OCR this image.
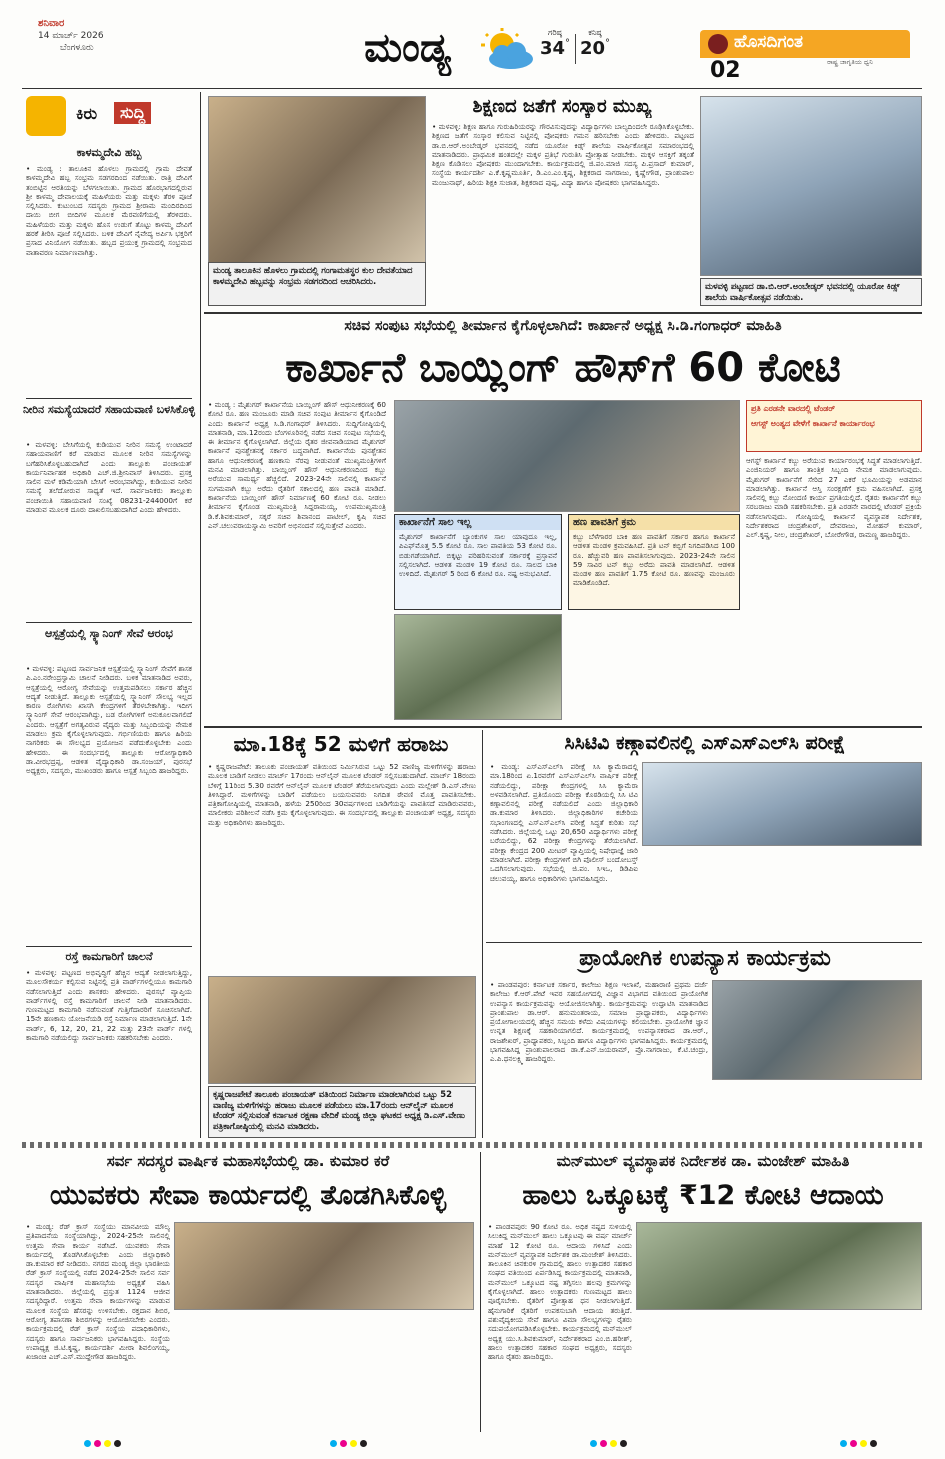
ಶನಿವಾರ
14 ಮಾರ್ಚ್ 2026
ಬೆಂಗಳೂರು	ಮಂಡ್ಯ	ಗರಿಷ್ಠ
34°
ಕನಿಷ್ಠ
20°	ಹೊಸದಿಗಂತ
ರಾಷ್ಟ್ರ ಜಾಗೃತಿಯ ಧ್ವನಿ
02
ಕಿರು	ಸುದ್ದಿ
ಕಾಳಮ್ಮದೇವಿ ಹಬ್ಬ
• ಮಂಡ್ಯ : ತಾಲೂಕಿನ ಹೊಳಲು ಗ್ರಾಮದಲ್ಲಿ ಗ್ರಾಮ ದೇವತೆ ಕಾಳಮ್ಮದೇವಿ ಹಬ್ಬ ಸಂಭ್ರಮ ಸಡಗರದಿಂದ ನಡೆಯಿತು. ರಾತ್ರಿ ದೇವಿಗೆ ತಂಬಿಟ್ಟಿನ ಆರತಿಯನ್ನು ಬೆಳಗಲಾಯಿತು. ಗ್ರಾಮದ ಹೊರಭಾಗದಲ್ಲಿರುವ ಶ್ರೀ ಕಾಳಮ್ಮ ದೇವಾಲಯಕ್ಕೆ ಮಹಿಳೆಯರು ಮತ್ತು ಮಕ್ಕಳು ತೆರಳಿ ಪೂಜೆ ಸಲ್ಲಿಸಿದರು. ಕುಟುಂಬದ ಸದಸ್ಯರು ಗ್ರಾಮದ ಶ್ರೀರಾಮ ಮಂದಿರದಿಂದ ದಾಯಿ ಬೀಗ ಬೀದಿಗಳ ಮೂಲಕ ಮೆರವಣಿಗೆಯಲ್ಲಿ ತೆರಳಿದರು. ಮಹಿಳೆಯರು ಮತ್ತು ಮಕ್ಕಳು ಹೊಸ ಉಡುಗೆ ತೊಟ್ಟು ಕಾಳಮ್ಮ ದೇವಿಗೆ ಹರಕೆ ತೀರಿಸಿ ಪೂಜೆ ಸಲ್ಲಿಸಿದರು. ಬಳಿಕ ದೇವಿಗೆ ನೈವೇದ್ಯ ಅರ್ಪಿಸಿ ಭಕ್ತರಿಗೆ ಪ್ರಸಾದ ವಿನಿಯೋಗ ನಡೆಯಿತು. ಹಬ್ಬದ ಪ್ರಯುಕ್ತ ಗ್ರಾಮದಲ್ಲಿ ಸಂಭ್ರಮದ ವಾತಾವರಣ ನಿರ್ಮಾಣವಾಗಿತ್ತು.
ನೀರಿನ ಸಮಸ್ಯೆಯಾದರೆ ಸಹಾಯವಾಣಿ ಬಳಸಿಕೊಳ್ಳಿ
• ಮಳವಳ್ಳಿ: ಬೇಸಿಗೆಯಲ್ಲಿ ಕುಡಿಯುವ ನೀರಿನ ಸಮಸ್ಯೆ ಉಂಟಾದರೆ ಸಹಾಯವಾಣಿಗೆ ಕರೆ ಮಾಡುವ ಮೂಲಕ ನೀರಿನ ಸಮಸ್ಯೆಗಳನ್ನು ಬಗೆಹರಿಸಿಕೊಳ್ಳಬಹುದಾಗಿದೆ ಎಂದು ತಾಲ್ಲೂಕು ಪಂಚಾಯತ್ ಕಾರ್ಯನಿರ್ವಾಹಕ ಅಧಿಕಾರಿ ಎಚ್.ಜಿ.ಶ್ರೀನಿವಾಸ್ ತಿಳಿಸಿದರು. ಪ್ರಸಕ್ತ ಸಾಲಿನ ಮಳೆ ಕಡಿಮೆಯಾಗಿ ಬೇಸಿಗೆ ಆರಂಭವಾಗಿದ್ದು, ಕುಡಿಯುವ ನೀರಿನ ಸಮಸ್ಯೆ ತಲೆದೋರುವ ಸಾಧ್ಯತೆ ಇದೆ. ಸಾರ್ವಜನಿಕರು ತಾಲ್ಲೂಕು ಪಂಚಾಯಿತಿ ಸಹಾಯವಾಣಿ ಸಂಖ್ಯೆ 08231-244000ಗೆ ಕರೆ ಮಾಡುವ ಮೂಲಕ ದೂರು ದಾಖಲಿಸಬಹುದಾಗಿದೆ ಎಂದು ಹೇಳಿದರು.
ಆಸ್ಪತ್ರೆಯಲ್ಲಿ ಸ್ಕ್ಯಾನಿಂಗ್ ಸೇವೆ ಆರಂಭ
• ಮಳವಳ್ಳಿ: ಪಟ್ಟಣದ ಸಾರ್ವಜನಿಕ ಆಸ್ಪತ್ರೆಯಲ್ಲಿ ಸ್ಕ್ಯಾನಿಂಗ್ ಸೇವೆಗೆ ಶಾಸಕ ಪಿ.ಎಂ.ನರೇಂದ್ರಸ್ವಾಮಿ ಚಾಲನೆ ನೀಡಿದರು. ಬಳಿಕ ಮಾತನಾಡಿದ ಅವರು, ಆಸ್ಪತ್ರೆಯಲ್ಲಿ ಆರೋಗ್ಯ ಸೇವೆಯನ್ನು ಉತ್ತಮಪಡಿಸಲು ಸರ್ಕಾರ ಹೆಚ್ಚಿನ ಆದ್ಯತೆ ನೀಡುತ್ತಿದೆ. ತಾಲ್ಲೂಕು ಆಸ್ಪತ್ರೆಯಲ್ಲಿ ಸ್ಕ್ಯಾನಿಂಗ್ ಸೌಲಭ್ಯ ಇಲ್ಲದ ಕಾರಣ ರೋಗಿಗಳು ಖಾಸಗಿ ಕೇಂದ್ರಗಳಿಗೆ ತೆರಳಬೇಕಾಗಿತ್ತು. ಇದೀಗ ಸ್ಕ್ಯಾನಿಂಗ್ ಸೇವೆ ಆರಂಭವಾಗಿದ್ದು, ಬಡ ರೋಗಿಗಳಿಗೆ ಅನುಕೂಲವಾಗಲಿದೆ ಎಂದರು. ಆಸ್ಪತ್ರೆಗೆ ಅಗತ್ಯವಿರುವ ವೈದ್ಯರು ಮತ್ತು ಸಿಬ್ಬಂದಿಯನ್ನು ನೇಮಕ ಮಾಡಲು ಕ್ರಮ ಕೈಗೊಳ್ಳಲಾಗುವುದು. ಗರ್ಭಿಣಿಯರು ಹಾಗೂ ಹಿರಿಯ ನಾಗರಿಕರು ಈ ಸೌಲಭ್ಯದ ಪ್ರಯೋಜನ ಪಡೆದುಕೊಳ್ಳಬೇಕು ಎಂದು ಹೇಳಿದರು. ಈ ಸಂದರ್ಭದಲ್ಲಿ ತಾಲ್ಲೂಕು ಆರೋಗ್ಯಾಧಿಕಾರಿ ಡಾ.ವೀರಭದ್ರಪ್ಪ, ಆಡಳಿತ ವೈದ್ಯಾಧಿಕಾರಿ ಡಾ.ಸಂಜಯ್, ಪುರಸಭೆ ಅಧ್ಯಕ್ಷರು, ಸದಸ್ಯರು, ಮುಖಂಡರು ಹಾಗೂ ಆಸ್ಪತ್ರೆ ಸಿಬ್ಬಂದಿ ಹಾಜರಿದ್ದರು.
ರಸ್ತೆ ಕಾಮಗಾರಿಗೆ ಚಾಲನೆ
• ಮಳವಳ್ಳಿ: ಪಟ್ಟಣದ ಅಭಿವೃದ್ಧಿಗೆ ಹೆಚ್ಚಿನ ಆದ್ಯತೆ ನೀಡಲಾಗುತ್ತಿದ್ದು, ಮೂಲಸೌಕರ್ಯ ಕಲ್ಪಿಸುವ ನಿಟ್ಟಿನಲ್ಲಿ ಪ್ರತಿ ವಾರ್ಡ್‌ಗಳಲ್ಲಿಯೂ ಕಾಮಗಾರಿ ನಡೆಸಲಾಗುತ್ತಿದೆ ಎಂದು ಶಾಸಕರು ಹೇಳಿದರು. ಪುರಸಭೆ ವ್ಯಾಪ್ತಿಯ ವಾರ್ಡ್‌ಗಳಲ್ಲಿ ರಸ್ತೆ ಕಾಮಗಾರಿಗೆ ಚಾಲನೆ ನೀಡಿ ಮಾತನಾಡಿದರು. ಗುಣಮಟ್ಟದ ಕಾಮಗಾರಿ ನಡೆಸುವಂತೆ ಗುತ್ತಿಗೆದಾರರಿಗೆ ಸೂಚಿಸಲಾಗಿದೆ. 15ನೇ ಹಣಕಾಸು ಯೋಜನೆಯಡಿ ರಸ್ತೆ ನಿರ್ಮಾಣ ಮಾಡಲಾಗುತ್ತಿದೆ. 1ನೇ ವಾರ್ಡ್, 6, 12, 20, 21, 22 ಮತ್ತು 23ನೇ ವಾರ್ಡ್ ಗಳಲ್ಲಿ ಕಾಮಗಾರಿ ನಡೆಯಲಿದ್ದು ಸಾರ್ವಜನಿಕರು ಸಹಕರಿಸಬೇಕು ಎಂದರು.
ಮಂಡ್ಯ ತಾಲೂಕಿನ ಹೊಳಲು ಗ್ರಾಮದಲ್ಲಿ ಗಂಗಾಮತಸ್ಥರ ಕುಲ ದೇವತೆಯಾದ ಕಾಳಮ್ಮದೇವಿ ಹಬ್ಬವನ್ನು ಸಂಭ್ರಮ ಸಡಗರದಿಂದ ಆಚರಿಸಿದರು.
ಶಿಕ್ಷಣದ ಜತೆಗೆ ಸಂಸ್ಕಾರ ಮುಖ್ಯ
• ಮಳವಳ್ಳಿ: ಶಿಕ್ಷಣ ಹಾಗೂ ಗುರುಹಿರಿಯರನ್ನು ಗೌರವಿಸುವುದನ್ನು ವಿದ್ಯಾರ್ಥಿಗಳು ಬಾಲ್ಯದಿಂದಲೇ ರೂಢಿಸಿಕೊಳ್ಳಬೇಕು. ಶಿಕ್ಷಣದ ಜತೆಗೆ ಸಂಸ್ಕಾರ ಕಲಿಸುವ ನಿಟ್ಟಿನಲ್ಲಿ ಪೋಷಕರು ಗಮನ ಹರಿಸಬೇಕು ಎಂದು ಹೇಳಿದರು. ಪಟ್ಟಣದ ಡಾ.ಬಿ.ಆರ್.ಅಂಬೇಡ್ಕರ್ ಭವನದಲ್ಲಿ ನಡೆದ ಯೂರೋ ಕಿಡ್ಸ್ ಶಾಲೆಯ ವಾರ್ಷಿಕೋತ್ಸವ ಸಮಾರಂಭದಲ್ಲಿ ಮಾತನಾಡಿದರು. ಪ್ರಾಥಮಿಕ ಹಂತದಲ್ಲೇ ಮಕ್ಕಳ ಪ್ರತಿಭೆ ಗುರುತಿಸಿ ಪ್ರೋತ್ಸಾಹ ನೀಡಬೇಕು. ಮಕ್ಕಳ ಆಸಕ್ತಿಗೆ ತಕ್ಕಂತೆ ಶಿಕ್ಷಣ ಕೊಡಿಸಲು ಪೋಷಕರು ಮುಂದಾಗಬೇಕು. ಕಾರ್ಯಕ್ರಮದಲ್ಲಿ ಜಿ.ಪಂ.ಮಾಜಿ ಸದಸ್ಯ ಪಿ.ಪ್ರಸಾದ್ ಕುಮಾರ್, ಸಂಸ್ಥೆಯ ಕಾರ್ಯದರ್ಶಿ ಎ.ಕೆ.ಕೃಷ್ಣಮೂರ್ತಿ, ಡಿ.ಎಂ.ಎಂ.ಕೃಷ್ಣ, ಶಿಕ್ಷಕರಾದ ನಾಗರಾಜು, ಕೃಷ್ಣೇಗೌಡ, ಪ್ರಾಂಶುಪಾಲ ಮಂಜುನಾಥ್, ಹಿರಿಯ ಶಿಕ್ಷಕಿ ಸುಜಾತ, ಶಿಕ್ಷಕರಾದ ಪುಷ್ಪ, ವಿದ್ಯಾ ಹಾಗೂ ಪೋಷಕರು ಭಾಗವಹಿಸಿದ್ದರು.
ಮಳವಳ್ಳಿ ಪಟ್ಟಣದ ಡಾ.ಬಿ.ಆರ್.ಅಂಬೇಡ್ಕರ್ ಭವನದಲ್ಲಿ ಯೂರೋ ಕಿಡ್ಸ್ ಶಾಲೆಯ ವಾರ್ಷಿಕೋತ್ಸವ ನಡೆಯಿತು.
ಸಚಿವ ಸಂಪುಟ ಸಭೆಯಲ್ಲಿ ತೀರ್ಮಾನ ಕೈಗೊಳ್ಳಲಾಗಿದೆ: ಕಾರ್ಖಾನೆ ಅಧ್ಯಕ್ಷ ಸಿ.ಡಿ.ಗಂಗಾಧರ್ ಮಾಹಿತಿ
ಕಾರ್ಖಾನೆ ಬಾಯ್ಲಿಂಗ್ ಹೌಸ್‌ಗೆ 60 ಕೋಟಿ
• ಮಂಡ್ಯ : ಮೈಶುಗರ್ ಕಾರ್ಖಾನೆಯ ಬಾಯ್ಲಿಂಗ್ ಹೌಸ್ ಆಧುನೀಕರಣಕ್ಕೆ 60 ಕೋಟಿ ರೂ. ಹಣ ಮಂಜೂರು ಮಾಡಿ ಸಚಿವ ಸಂಪುಟ ತೀರ್ಮಾನ ಕೈಗೊಂಡಿದೆ ಎಂದು ಕಾರ್ಖಾನೆ ಅಧ್ಯಕ್ಷ ಸಿ.ಡಿ.ಗಂಗಾಧರ್ ತಿಳಿಸಿದರು. ಸುದ್ದಿಗೋಷ್ಠಿಯಲ್ಲಿ ಮಾತನಾಡಿ, ಮಾ.12ರಂದು ಬೆಂಗಳೂರಿನಲ್ಲಿ ನಡೆದ ಸಚಿವ ಸಂಪುಟ ಸಭೆಯಲ್ಲಿ ಈ ತೀರ್ಮಾನ ಕೈಗೊಳ್ಳಲಾಗಿದೆ. ಜಿಲ್ಲೆಯ ರೈತರ ಜೀವನಾಡಿಯಾದ ಮೈಶುಗರ್ ಕಾರ್ಖಾನೆ ಪುನಶ್ಚೇತನಕ್ಕೆ ಸರ್ಕಾರ ಬದ್ಧವಾಗಿದೆ. ಕಾರ್ಖಾನೆಯ ಪುನಶ್ಚೇತನ ಹಾಗೂ ಆಧುನೀಕರಣಕ್ಕೆ ಹಣಕಾಸು ನೆರವು ನೀಡುವಂತೆ ಮುಖ್ಯಮಂತ್ರಿಗಳಿಗೆ ಮನವಿ ಮಾಡಲಾಗಿತ್ತು. ಬಾಯ್ಲಿಂಗ್ ಹೌಸ್ ಆಧುನೀಕರಣದಿಂದ ಕಬ್ಬು ಅರೆಯುವ ಸಾಮರ್ಥ್ಯ ಹೆಚ್ಚಲಿದೆ. 2023-24ನೇ ಸಾಲಿನಲ್ಲಿ ಕಾರ್ಖಾನೆ ಸುಗಮವಾಗಿ ಕಬ್ಬು ಅರೆದು ರೈತರಿಗೆ ಸಕಾಲದಲ್ಲಿ ಹಣ ಪಾವತಿ ಮಾಡಿದೆ. ಕಾರ್ಖಾನೆಯ ಬಾಯ್ಲಿಂಗ್ ಹೌಸ್ ನಿರ್ಮಾಣಕ್ಕೆ 60 ಕೋಟಿ ರೂ. ನೀಡಲು ತೀರ್ಮಾನ ಕೈಗೊಂಡ ಮುಖ್ಯಮಂತ್ರಿ ಸಿದ್ದರಾಮಯ್ಯ, ಉಪಮುಖ್ಯಮಂತ್ರಿ ಡಿ.ಕೆ.ಶಿವಕುಮಾರ್, ಸಕ್ಕರೆ ಸಚಿವ ಶಿವಾನಂದ ಪಾಟೀಲ್, ಕೃಷಿ ಸಚಿವ ಎನ್.ಚಲುವರಾಯಸ್ವಾಮಿ ಅವರಿಗೆ ಅಭಿನಂದನೆ ಸಲ್ಲಿಸುತ್ತೇವೆ ಎಂದರು.	ಕಾರ್ಖಾನೆಗೆ ಸಾಲ ಇಲ್ಲ
ಮೈಶುಗರ್ ಕಾರ್ಖಾನೆಗೆ ಬ್ಯಾಂಕುಗಳ ಸಾಲ ಯಾವುದೂ ಇಲ್ಲ, ಪಿಎಫ್‌ಮೊತ್ತ 5.5 ಕೋಟಿ ರೂ. ಸಾಲ ಪಾವತಿಯ 53 ಕೋಟಿ ರೂ. ಬಿಡುಗಡೆಯಾಗಿದೆ. ಬಿಕ್ಕಟ್ಟು ಪರಿಹರಿಸುವಂತೆ ಸರ್ಕಾರಕ್ಕೆ ಪ್ರಸ್ತಾವನೆ ಸಲ್ಲಿಸಲಾಗಿದೆ. ಆಡಳಿತ ಮಂಡಳಿ 19 ಕೋಟಿ ರೂ. ಸಾಲದ ಬಾಕಿ ಉಳಿದಿದೆ. ಮೈಶುಗರ್ 5 ರಿಂದ 6 ಕೋಟಿ ರೂ. ನಷ್ಟ ಅನುಭವಿಸಿದೆ.
ಹಣ ಪಾವತಿಗೆ ಕ್ರಮ
ಕಬ್ಬು ಬೆಳೆಗಾರರ ಬಾಕಿ ಹಣ ಪಾವತಿಗೆ ಸರ್ಕಾರ ಹಾಗೂ ಕಾರ್ಖಾನೆ ಆಡಳಿತ ಮಂಡಳಿ ಕ್ರಮವಹಿಸಿದೆ. ಪ್ರತಿ ಟನ್ ಕಬ್ಬಿಗೆ ನಿಗದಿಪಡಿಸಿದ 100 ರೂ. ಹೆಚ್ಚುವರಿ ಹಣ ಪಾವತಿಸಲಾಗುವುದು. 2023-24ನೇ ಸಾಲಿನ 59 ಸಾವಿರ ಟನ್ ಕಬ್ಬು ಅರೆದು ಪಾವತಿ ಮಾಡಲಾಗಿದೆ. ಆಡಳಿತ ಮಂಡಳಿ ಹಣ ಪಾವತಿಗೆ 1.75 ಕೋಟಿ ರೂ. ಹಣವನ್ನು ಮಂಜೂರು ಮಾಡಿಕೊಂಡಿದೆ.
ಪ್ರತಿ ಎರಡನೇ ವಾರದಲ್ಲಿ ಟೆಂಡರ್
ಆಗಸ್ಟ್ ಅಂತ್ಯದ ವೇಳೆಗೆ ಕಾರ್ಖಾನೆ ಕಾರ್ಯಾರಂಭ
ಆಗಸ್ಟ್ ಕಾರ್ಖಾನೆ ಕಬ್ಬು ಅರೆಯುವ ಕಾರ್ಯಾರಂಭಕ್ಕೆ ಸಿದ್ಧತೆ ಮಾಡಲಾಗುತ್ತಿದೆ. ಎಂಜಿನಿಯರ್ ಹಾಗೂ ತಾಂತ್ರಿಕ ಸಿಬ್ಬಂದಿ ನೇಮಕ ಮಾಡಲಾಗುವುದು. ಮೈಶುಗರ್ ಕಾರ್ಖಾನೆಗೆ ಸೇರಿದ 27 ಎಕರೆ ಭೂಮಿಯನ್ನು ಅಡಮಾನ ಮಾಡಲಾಗಿತ್ತು. ಕಾರ್ಖಾನೆ ಆಸ್ತಿ ಸಂರಕ್ಷಣೆಗೆ ಕ್ರಮ ವಹಿಸಲಾಗಿದೆ. ಪ್ರಸಕ್ತ ಸಾಲಿನಲ್ಲಿ ಕಬ್ಬು ನೋಂದಣಿ ಕಾರ್ಯ ಪ್ರಗತಿಯಲ್ಲಿದೆ. ರೈತರು ಕಾರ್ಖಾನೆಗೆ ಕಬ್ಬು ಸರಬರಾಜು ಮಾಡಿ ಸಹಕರಿಸಬೇಕು. ಪ್ರತಿ ಎರಡನೇ ವಾರದಲ್ಲಿ ಟೆಂಡರ್ ಪ್ರಕ್ರಿಯೆ ನಡೆಸಲಾಗುವುದು. ಗೋಷ್ಠಿಯಲ್ಲಿ ಕಾರ್ಖಾನೆ ವ್ಯವಸ್ಥಾಪಕ ನಿರ್ದೇಶಕ, ನಿರ್ದೇಶಕರಾದ ಚಂದ್ರಶೇಖರ್, ದೇವರಾಜು, ಮೋಹನ್ ಕುಮಾರ್, ಎಲ್.ಕೃಷ್ಣ, ನೀಲ, ಚಂದ್ರಶೇಖರ್, ಬೋರೇಗೌಡ, ರಾಮಣ್ಣ ಹಾಜರಿದ್ದರು.
ಮಾ.18ಕ್ಕೆ 52 ಮಳಿಗೆ ಹರಾಜು
• ಕೃಷ್ಣರಾಜಪೇಟೆ: ತಾಲೂಕು ಪಂಚಾಯತ್ ವತಿಯಿಂದ ನಿರ್ಮಿಸಿರುವ ಒಟ್ಟು 52 ವಾಣಿಜ್ಯ ಮಳಿಗೆಗಳನ್ನು ಹರಾಜು ಮೂಲಕ ಬಾಡಿಗೆ ನೀಡಲು ಮಾರ್ಚ್ 17ರಂದು ಆನ್‌ಲೈನ್ ಮೂಲಕ ಟೆಂಡರ್ ಸಲ್ಲಿಸಬಹುದಾಗಿದೆ. ಮಾರ್ಚ್ 18ರಂದು ಬೆಳಿಗ್ಗೆ 11ರಿಂದ 5.30 ರವರೆಗೆ ಆನ್‌ಲೈನ್ ಮೂಲಕ ಟೆಂಡರ್ ತೆರೆಯಲಾಗುವುದು ಎಂದು ಮಲ್ಲೇಶ್ ಡಿ.ಎಸ್.ವೇಣು ತಿಳಿಸಿದ್ದಾರೆ. ಮಳಿಗೆಗಳನ್ನು ಬಾಡಿಗೆ ಪಡೆಯಲು ಬಯಸುವವರು ನಿಗದಿತ ಠೇವಣಿ ಮೊತ್ತ ಪಾವತಿಸಬೇಕು. ಪತ್ರಿಕಾಗೋಷ್ಠಿಯಲ್ಲಿ ಮಾತನಾಡಿ, ಹಳೆಯ 250ರಿಂದ 30ವರ್ಷಗಳಿಂದ ಬಾಡಿಗೆಯನ್ನು ಪಾವತಿಸದೆ ಮಾಡಿರುವವರು, ಮಾಲೀಕರು ಪರಿಶೀಲನೆ ನಡೆಸಿ ಕ್ರಮ ಕೈಗೊಳ್ಳಲಾಗುವುದು. ಈ ಸಂದರ್ಭದಲ್ಲಿ ತಾಲ್ಲೂಕು ಪಂಚಾಯತ್ ಅಧ್ಯಕ್ಷ, ಸದಸ್ಯರು ಮತ್ತು ಅಧಿಕಾರಿಗಳು ಹಾಜರಿದ್ದರು.
ಕೃಷ್ಣರಾಜಪೇಟೆ ತಾಲೂಕು ಪಂಚಾಯತ್ ವತಿಯಿಂದ ನಿರ್ಮಾಣ ಮಾಡಲಾಗಿರುವ ಒಟ್ಟು 52 ವಾಣಿಜ್ಯ ಮಳಿಗೆಗಳನ್ನು ಹರಾಜು ಮೂಲಕ ಪಡೆಯಲು ಮಾ.17ರಂದು ಆನ್‌ಲೈನ್ ಮೂಲಕ ಟೆಂಡರ್ ಸಲ್ಲಿಸುವಂತೆ ಕರ್ನಾಟಕ ರಕ್ಷಣಾ ವೇದಿಕೆ ಮಂಡ್ಯ ಜಿಲ್ಲಾ ಘಟಕದ ಅಧ್ಯಕ್ಷ ಡಿ.ಎಸ್.ವೇಣು ಪತ್ರಿಕಾಗೋಷ್ಠಿಯಲ್ಲಿ ಮನವಿ ಮಾಡಿದರು.
ಸಿಸಿಟಿವಿ ಕಣ್ಗಾವಲಿನಲ್ಲಿ ಎಸ್‌ಎಸ್‌ಎಲ್‌ಸಿ ಪರೀಕ್ಷೆ
• ಮಂಡ್ಯ: ಎಸ್‌ಎಸ್‌ಎಲ್‌ಸಿ ಪರೀಕ್ಷೆ ಸಿಸಿ ಕ್ಯಾಮೆರಾದಲ್ಲಿ ಮಾ.18ರಿಂದ ಏ.1ರವರೆಗೆ ಎಸ್‌ಎಸ್‌ಎಲ್‌ಸಿ ವಾರ್ಷಿಕ ಪರೀಕ್ಷೆ ನಡೆಯಲಿದ್ದು, ಪರೀಕ್ಷಾ ಕೇಂದ್ರಗಳಲ್ಲಿ ಸಿಸಿ ಕ್ಯಾಮೆರಾ ಅಳವಡಿಸಲಾಗಿದೆ. ಪ್ರತಿಯೊಂದು ಪರೀಕ್ಷಾ ಕೊಠಡಿಯಲ್ಲಿ ಸಿಸಿ ಟಿವಿ ಕಣ್ಗಾವಲಿನಲ್ಲಿ ಪರೀಕ್ಷೆ ನಡೆಯಲಿದೆ ಎಂದು ಜಿಲ್ಲಾಧಿಕಾರಿ ಡಾ.ಕುಮಾರ ತಿಳಿಸಿದರು. ಜಿಲ್ಲಾಧಿಕಾರಿಗಳ ಕಚೇರಿಯ ಸಭಾಂಗಣದಲ್ಲಿ ಎಸ್‌ಎಸ್‌ಎಲ್‌ಸಿ ಪರೀಕ್ಷೆ ಸಿದ್ಧತೆ ಕುರಿತು ಸಭೆ ನಡೆಸಿದರು. ಜಿಲ್ಲೆಯಲ್ಲಿ ಒಟ್ಟು 20,650 ವಿದ್ಯಾರ್ಥಿಗಳು ಪರೀಕ್ಷೆ ಬರೆಯಲಿದ್ದು, 62 ಪರೀಕ್ಷಾ ಕೇಂದ್ರಗಳನ್ನು ತೆರೆಯಲಾಗಿದೆ. ಪರೀಕ್ಷಾ ಕೇಂದ್ರದ 200 ಮೀಟರ್ ವ್ಯಾಪ್ತಿಯಲ್ಲಿ ನಿಷೇಧಾಜ್ಞೆ ಜಾರಿ ಮಾಡಲಾಗಿದೆ. ಪರೀಕ್ಷಾ ಕೇಂದ್ರಗಳಿಗೆ ಬಿಗಿ ಪೊಲೀಸ್ ಬಂದೋಬಸ್ತ್ ಒದಗಿಸಲಾಗುವುದು. ಸಭೆಯಲ್ಲಿ ಜಿ.ಪಂ. ಸಿಇಒ, ಡಿಡಿಪಿಐ ಚಲುವಯ್ಯ, ಹಾಗೂ ಅಧಿಕಾರಿಗಳು ಭಾಗವಹಿಸಿದ್ದರು.
ಪ್ರಾಯೋಗಿಕ ಉಪನ್ಯಾಸ ಕಾರ್ಯಕ್ರಮ
• ಪಾಂಡವಪುರ: ಕರ್ನಾಟಕ ಸರ್ಕಾರ, ಕಾಲೇಜು ಶಿಕ್ಷಣ ಇಲಾಖೆ, ಮಹಾರಾಣಿ ಪ್ರಥಮ ದರ್ಜೆ ಕಾಲೇಜು ಕೆ.ಆರ್.ಪೇಟೆ ಇವರ ಸಹಯೋಗದಲ್ಲಿ ವಿಜ್ಞಾನ ವಿಭಾಗದ ವತಿಯಿಂದ ಪ್ರಾಯೋಗಿಕ ಉಪನ್ಯಾಸ ಕಾರ್ಯಕ್ರಮವನ್ನು ಆಯೋಜಿಸಲಾಗಿತ್ತು. ಕಾರ್ಯಕ್ರಮವನ್ನು ಉದ್ಘಾಟಿಸಿ ಮಾತನಾಡಿದ ಪ್ರಾಂಶುಪಾಲ ಡಾ.ಆರ್. ಹನುಮಂತರಾಯ, ಸಮಾಜ ಪ್ರಾಧ್ಯಾಪಕರು, ವಿದ್ಯಾರ್ಥಿಗಳು ಪ್ರಯೋಗಾಲಯದಲ್ಲಿ ಹೆಚ್ಚಿನ ಸಮಯ ಕಳೆದು ವಿಷಯಗಳನ್ನು ಕಲಿಯಬೇಕು. ಪ್ರಾಯೋಗಿಕ ಜ್ಞಾನ ಉನ್ನತ ಶಿಕ್ಷಣಕ್ಕೆ ಸಹಕಾರಿಯಾಗಲಿದೆ. ಕಾರ್ಯಕ್ರಮದಲ್ಲಿ ಉಪನ್ಯಾಸಕರಾದ ಡಾ.ಆರ್., ರಾಜಶೇಖರ್, ಪ್ರಾಧ್ಯಾಪಕರು, ಸಿಬ್ಬಂದಿ ಹಾಗೂ ವಿದ್ಯಾರ್ಥಿಗಳು ಭಾಗವಹಿಸಿದ್ದರು. ಕಾರ್ಯಕ್ರಮದಲ್ಲಿ ಭಾಗವಹಿಸಿದ್ದ ಪ್ರಾಂಶುಪಾಲರಾದ ಡಾ.ಕೆ.ಎನ್.ಜಯರಾಮ್, ಪ್ರೊ.ನಾಗರಾಜು, ಕೆ.ಟಿ.ಚಂದ್ರು, ಎ.ಪಿ.ಧನಲಕ್ಷ್ಮಿ ಹಾಜರಿದ್ದರು.
ಸರ್ವ ಸದಸ್ಯರ ವಾರ್ಷಿಕ ಮಹಾಸಭೆಯಲ್ಲಿ ಡಾ. ಕುಮಾರ ಕರೆ
ಯುವಕರು ಸೇವಾ ಕಾರ್ಯದಲ್ಲಿ ತೊಡಗಿಸಿಕೊಳ್ಳಿ
• ಮಂಡ್ಯ: ರೆಡ್ ಕ್ರಾಸ್ ಸಂಸ್ಥೆಯು ಮಾನವೀಯ ಮೌಲ್ಯ ಪ್ರತಿಪಾದನೆಯ ಸಂಸ್ಥೆಯಾಗಿದ್ದು, 2024-25ನೇ ಸಾಲಿನಲ್ಲಿ ಉತ್ತಮ ಸೇವಾ ಕಾರ್ಯ ನಡೆಸಿದೆ. ಯುವಕರು ಸೇವಾ ಕಾರ್ಯದಲ್ಲಿ ತೊಡಗಿಸಿಕೊಳ್ಳಬೇಕು ಎಂದು ಜಿಲ್ಲಾಧಿಕಾರಿ ಡಾ.ಕುಮಾರ ಕರೆ ನೀಡಿದರು. ನಗರದ ಮಂಡ್ಯ ಜಿಲ್ಲಾ ಭಾರತೀಯ ರೆಡ್ ಕ್ರಾಸ್ ಸಂಸ್ಥೆಯಲ್ಲಿ ನಡೆದ 2024-25ನೇ ಸಾಲಿನ ಸರ್ವ ಸದಸ್ಯರ ವಾರ್ಷಿಕ ಮಹಾಸಭೆಯ ಅಧ್ಯಕ್ಷತೆ ವಹಿಸಿ ಮಾತನಾಡಿದರು. ಜಿಲ್ಲೆಯಲ್ಲಿ ಪ್ರಸ್ತುತ 1124 ಆಜೀವ ಸದಸ್ಯರಿದ್ದಾರೆ. ಉತ್ತಮ ಸೇವಾ ಕಾರ್ಯಗಳನ್ನು ಮಾಡುವ ಮೂಲಕ ಸಂಸ್ಥೆಯ ಹೆಸರನ್ನು ಉಳಿಸಬೇಕು. ರಕ್ತದಾನ ಶಿಬಿರ, ಆರೋಗ್ಯ ತಪಾಸಣಾ ಶಿಬಿರಗಳನ್ನು ಆಯೋಜಿಸಬೇಕು ಎಂದರು. ಕಾರ್ಯಕ್ರಮದಲ್ಲಿ ರೆಡ್ ಕ್ರಾಸ್ ಸಂಸ್ಥೆಯ ಪದಾಧಿಕಾರಿಗಳು, ಸದಸ್ಯರು ಹಾಗೂ ಸಾರ್ವಜನಿಕರು ಭಾಗವಹಿಸಿದ್ದರು. ಸಂಸ್ಥೆಯ ಉಪಾಧ್ಯಕ್ಷ ಜಿ.ಟಿ.ಕೃಷ್ಣ, ಕಾರ್ಯದರ್ಶಿ ಮೀರಾ ಶಿವಲಿಂಗಯ್ಯ, ಖಜಾಂಚಿ ಎಚ್.ಎಸ್.ಮುದ್ದೇಗೌಡ ಹಾಜರಿದ್ದರು.
ಮನ್‌ಮುಲ್ ವ್ಯವಸ್ಥಾಪಕ ನಿರ್ದೇಶಕ ಡಾ. ಮಂಜೇಶ್ ಮಾಹಿತಿ
ಹಾಲು ಒಕ್ಕೂಟಕ್ಕೆ ₹12 ಕೋಟಿ ಆದಾಯ
• ಪಾಂಡವಪುರ: 90 ಕೋಟಿ ರೂ. ಅಧಿಕ ನಷ್ಟದ ಸುಳಿಯಲ್ಲಿ ಸಿಲುಕಿದ್ದ ಮನ್‌ಮುಲ್ ಹಾಲು ಒಕ್ಕೂಟವು ಈ ವರ್ಷ ಮಾರ್ಚ್ ಮಾಹೆ 12 ಕೋಟಿ ರೂ. ಆದಾಯ ಗಳಿಸಿದೆ ಎಂದು ಮನ್‌ಮುಲ್ ವ್ಯವಸ್ಥಾಪಕ ನಿರ್ದೇಶಕ ಡಾ.ಮಂಜೇಶ್ ತಿಳಿಸಿದರು. ತಾಲೂಕಿನ ಚಿನಕುರಳಿ ಗ್ರಾಮದಲ್ಲಿ ಹಾಲು ಉತ್ಪಾದಕರ ಸಹಕಾರ ಸಂಘದ ವತಿಯಿಂದ ಏರ್ಪಡಿಸಿದ್ದ ಕಾರ್ಯಕ್ರಮದಲ್ಲಿ ಮಾತನಾಡಿ, ಮನ್‌ಮುಲ್ ಒಕ್ಕೂಟದ ನಷ್ಟ ತಗ್ಗಿಸಲು ಹಲವು ಕ್ರಮಗಳನ್ನು ಕೈಗೊಳ್ಳಲಾಗಿದೆ. ಹಾಲು ಉತ್ಪಾದಕರು ಗುಣಮಟ್ಟದ ಹಾಲು ಪೂರೈಸಬೇಕು. ರೈತರಿಗೆ ಪ್ರೋತ್ಸಾಹ ಧನ ನೀಡಲಾಗುತ್ತಿದೆ. ಹೈನುಗಾರಿಕೆ ರೈತರಿಗೆ ಉಪಕಸುಬಾಗಿ ಆದಾಯ ತರುತ್ತಿದೆ. ಪಶುವೈದ್ಯಕೀಯ ಸೇವೆ ಹಾಗೂ ವಿಮಾ ಸೌಲಭ್ಯಗಳನ್ನು ರೈತರು ಸದುಪಯೋಗಪಡಿಸಿಕೊಳ್ಳಬೇಕು. ಕಾರ್ಯಕ್ರಮದಲ್ಲಿ ಮನ್‌ಮುಲ್ ಅಧ್ಯಕ್ಷ ಯು.ಸಿ.ಶಿವಕುಮಾರ್, ನಿರ್ದೇಶಕರಾದ ಎಂ.ಬಿ.ಹರೀಶ್, ಹಾಲು ಉತ್ಪಾದಕರ ಸಹಕಾರ ಸಂಘದ ಅಧ್ಯಕ್ಷರು, ಸದಸ್ಯರು ಹಾಗೂ ರೈತರು ಹಾಜರಿದ್ದರು.
